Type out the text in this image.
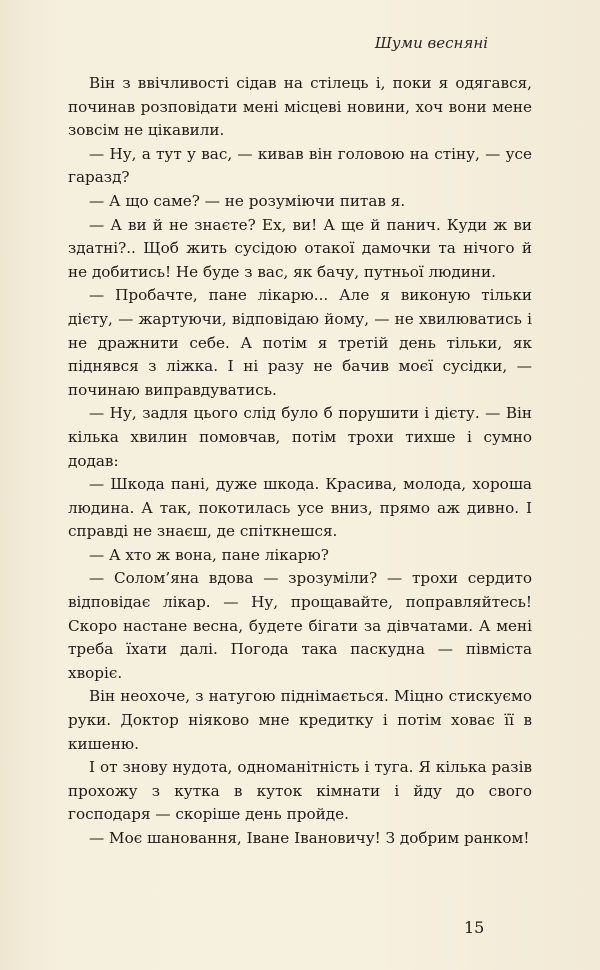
Шуми весняні

Він з ввічливості сідав на стілець і, поки я одягався, починав розповідати мені місцеві новини, хоч вони мене зовсім не цікавили.

— Ну, а тут у вас, — кивав він головою на стіну, — усе гаразд?

— А що саме? — не розуміючи питав я.

— А ви й не знаєте? Ех, ви! А ще й панич. Куди ж ви здатні?.. Щоб жить сусідою отакої дамочки та нічого й не добитись! Не буде з вас, як бачу, путньої людини.

— Пробачте, пане лікарю... Але я виконую тільки дієту, — жартуючи, відповідаю йому, — не хвилюватись і не дражнити себе. А потім я третій день тільки, як піднявся з ліжка. І ні разу не бачив моєї сусідки, — починаю виправдуватись.

— Ну, задля цього слід було б порушити і дієту. — Він кілька хвилин помовчав, потім трохи тихше і сумно додав:

— Шкода пані, дуже шкода. Красива, молода, хороша людина. А так, покотилась усе вниз, прямо аж дивно. І справді не знаєш, де спіткнешся.

— А хто ж вона, пане лікарю?

— Солом’яна вдова — зрозуміли? — трохи сердито відповідає лікар. — Ну, прощавайте, поправляйтесь! Скоро настане весна, будете бігати за дівчатами. А мені треба їхати далі. Погода така паскудна — півміста хворіє.

Він неохоче, з натугою піднімається. Міцно стискуємо руки. Доктор ніяково мне кредитку і потім ховає її в кишеню.

І от знову нудота, одноманітність і туга. Я кілька разів прохожу з кутка в куток кімнати і йду до свого господаря — скоріше день пройде.

— Моє шановання, Іване Івановичу! З добрим ранком!

15
